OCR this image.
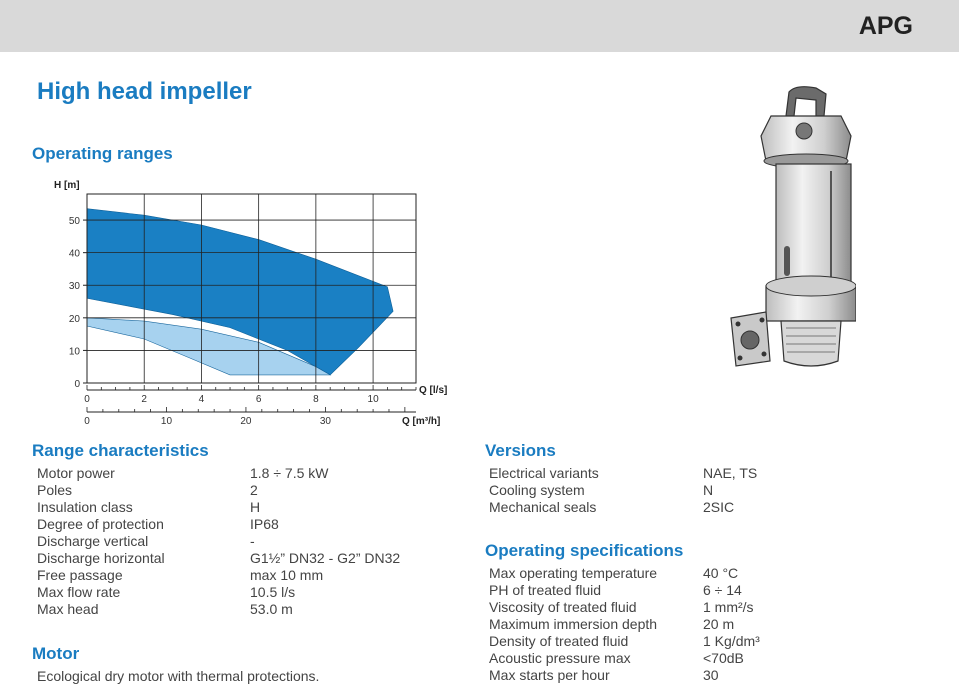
APG
High head impeller
Operating ranges
0
10
20
30
40
50
H [m]
0	2	4	6	8	10
Q [l/s]
0	10	20	30	Q [m³/h]
Range characteristics
Motor power	1.8 ÷ 7.5 kW
Poles	2
Insulation class	H
Degree of protection	IP68
Discharge vertical	-
Discharge horizontal	G1½” DN32 - G2” DN32
Free passage	max 10 mm
Max flow rate	10.5 l/s
Max head	53.0 m
Motor
Ecological dry motor with thermal protections.
Versions
Electrical variants	NAE, TS
Cooling system	N
Mechanical seals	2SIC
Operating specifications
Max operating temperature	40 °C
PH of treated fluid	6 ÷ 14
Viscosity of treated fluid	1 mm²/s
Maximum immersion depth	20 m
Density of treated fluid	1 Kg/dm³
Acoustic pressure max	<70dB
Max starts per hour	30
